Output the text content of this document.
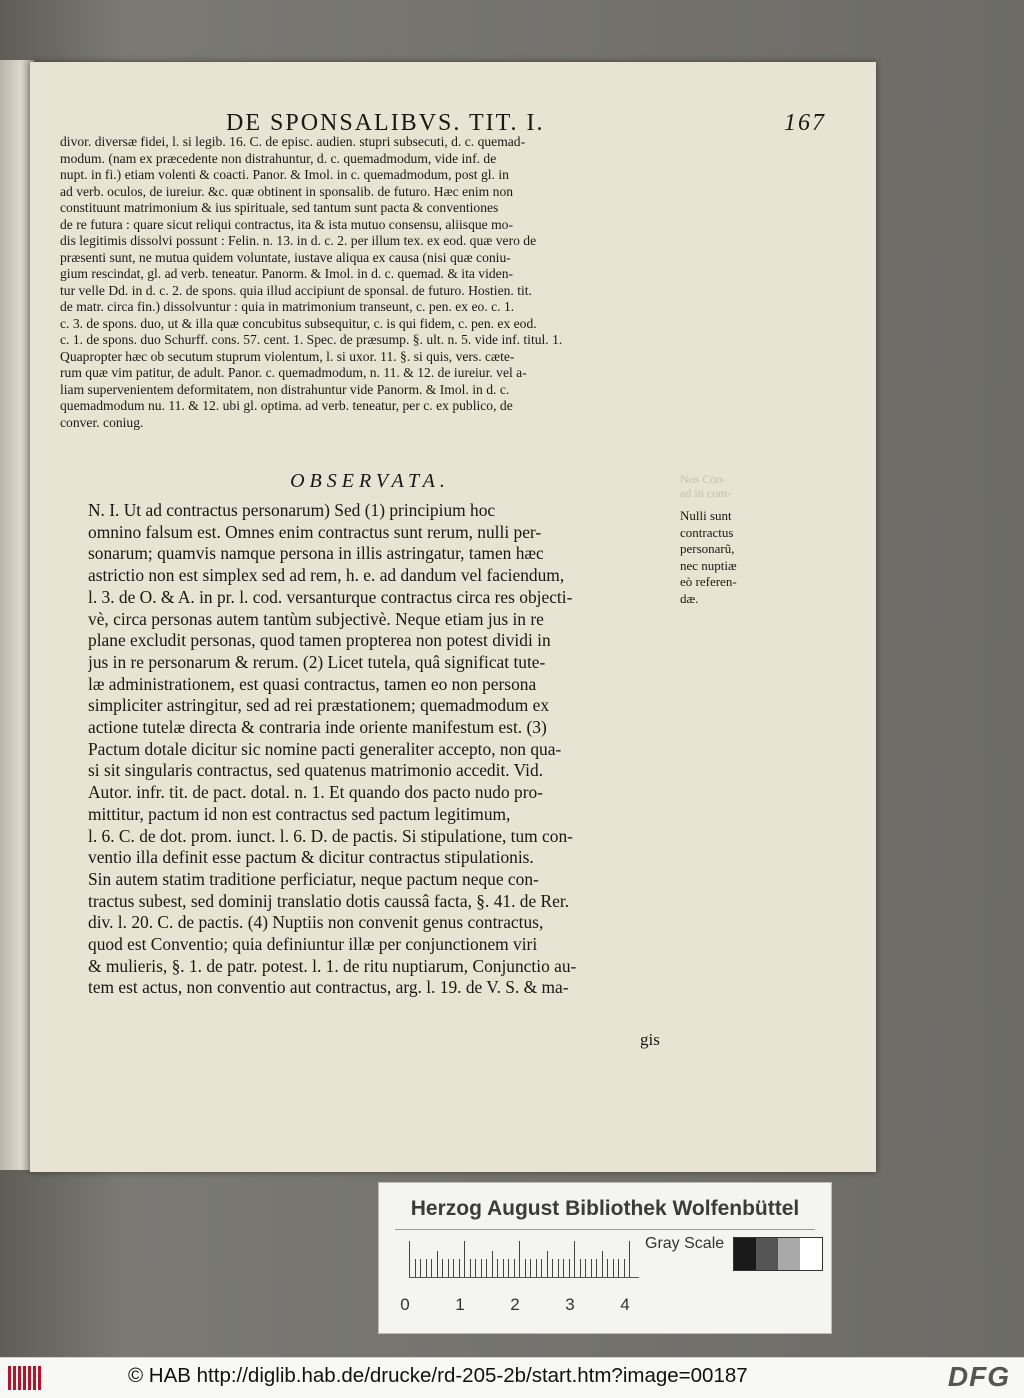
DE SPONSALIBVS. TIT. I.	167
divor. diversæ fidei, l. si legib. 16. C. de episc. audien. stupri subsecuti, d. c. quemad-
modum. (nam ex præcedente non distrahuntur, d. c. quemadmodum, vide inf. de
nupt. in fi.) etiam volenti & coacti. Panor. & Imol. in c. quemadmodum, post gl. in
ad verb. oculos, de iureiur. &c. quæ obtinent in sponsalib. de futuro. Hæc enim non
constituunt matrimonium & ius spirituale, sed tantum sunt pacta & conventiones
de re futura : quare sicut reliqui contractus, ita & ista mutuo consensu, aliisque mo-
dis legitimis dissolvi possunt : Felin. n. 13. in d. c. 2. per illum tex. ex eod. quæ vero de
præsenti sunt, ne mutua quidem voluntate, iustave aliqua ex causa (nisi quæ coniu-
gium rescindat, gl. ad verb. teneatur. Panorm. & Imol. in d. c. quemad. & ita viden-
tur velle Dd. in d. c. 2. de spons. quia illud accipiunt de sponsal. de futuro. Hostien. tit.
de matr. circa fin.) dissolvuntur : quia in matrimonium transeunt, c. pen. ex eo. c. 1.
c. 3. de spons. duo, ut & illa quæ concubitus subsequitur, c. is qui fidem, c. pen. ex eod.
c. 1. de spons. duo Schurff. cons. 57. cent. 1. Spec. de præsump. §. ult. n. 5. vide inf. titul. 1.
Quapropter hæc ob secutum stuprum violentum, l. si uxor. 11. §. si quis, vers. cæte-
rum quæ vim patitur, de adult. Panor. c. quemadmodum, n. 11. & 12. de iureiur. vel a-
liam supervenientem deformitatem, non distrahuntur vide Panorm. & Imol. in d. c.
quemadmodum nu. 11. & 12. ubi gl. optima. ad verb. teneatur, per c. ex publico, de
conver. coniug.
OBSERVATA.
N. I. Ut ad contractus personarum) Sed (1) principium hoc
omnino falsum est. Omnes enim contractus sunt rerum, nulli per-
sonarum; quamvis namque persona in illis astringatur, tamen hæc
astrictio non est simplex sed ad rem, h. e. ad dandum vel faciendum,
l. 3. de O. & A. in pr. l. cod. versanturque contractus circa res objecti-
vè, circa personas autem tantùm subjectivè. Neque etiam jus in re
plane excludit personas, quod tamen propterea non potest dividi in
jus in re personarum & rerum. (2) Licet tutela, quâ significat tute-
læ administrationem, est quasi contractus, tamen eo non persona
simpliciter astringitur, sed ad rei præstationem; quemadmodum ex
actione tutelæ directa & contraria inde oriente manifestum est. (3)
Pactum dotale dicitur sic nomine pacti generaliter accepto, non qua-
si sit singularis contractus, sed quatenus matrimonio accedit. Vid.
Autor. infr. tit. de pact. dotal. n. 1. Et quando dos pacto nudo pro-
mittitur, pactum id non est contractus sed pactum legitimum,
l. 6. C. de dot. prom. iunct. l. 6. D. de pactis. Si stipulatione, tum con-
ventio illa definit esse pactum & dicitur contractus stipulationis.
Sin autem statim traditione perficiatur, neque pactum neque con-
tractus subest, sed dominij translatio dotis caussâ facta, §. 41. de Rer.
div. l. 20. C. de pactis. (4) Nuptiis non convenit genus contractus,
quod est Conventio; quia definiuntur illæ per conjunctionem viri
& mulieris, §. 1. de patr. potest. l. 1. de ritu nuptiarum, Conjunctio au-
tem est actus, non conventio aut contractus, arg. l. 19. de V. S. & ma-
gis
Nos Con-
ad in com-
Nulli sunt
contractus
personarũ,
nec nuptiæ
eò referen-
dæ.
Herzog August Bibliothek Wolfenbüttel
0	1	2	3	4
Gray Scale
© HAB http://diglib.hab.de/drucke/rd-205-2b/start.htm?image=00187	DFG
